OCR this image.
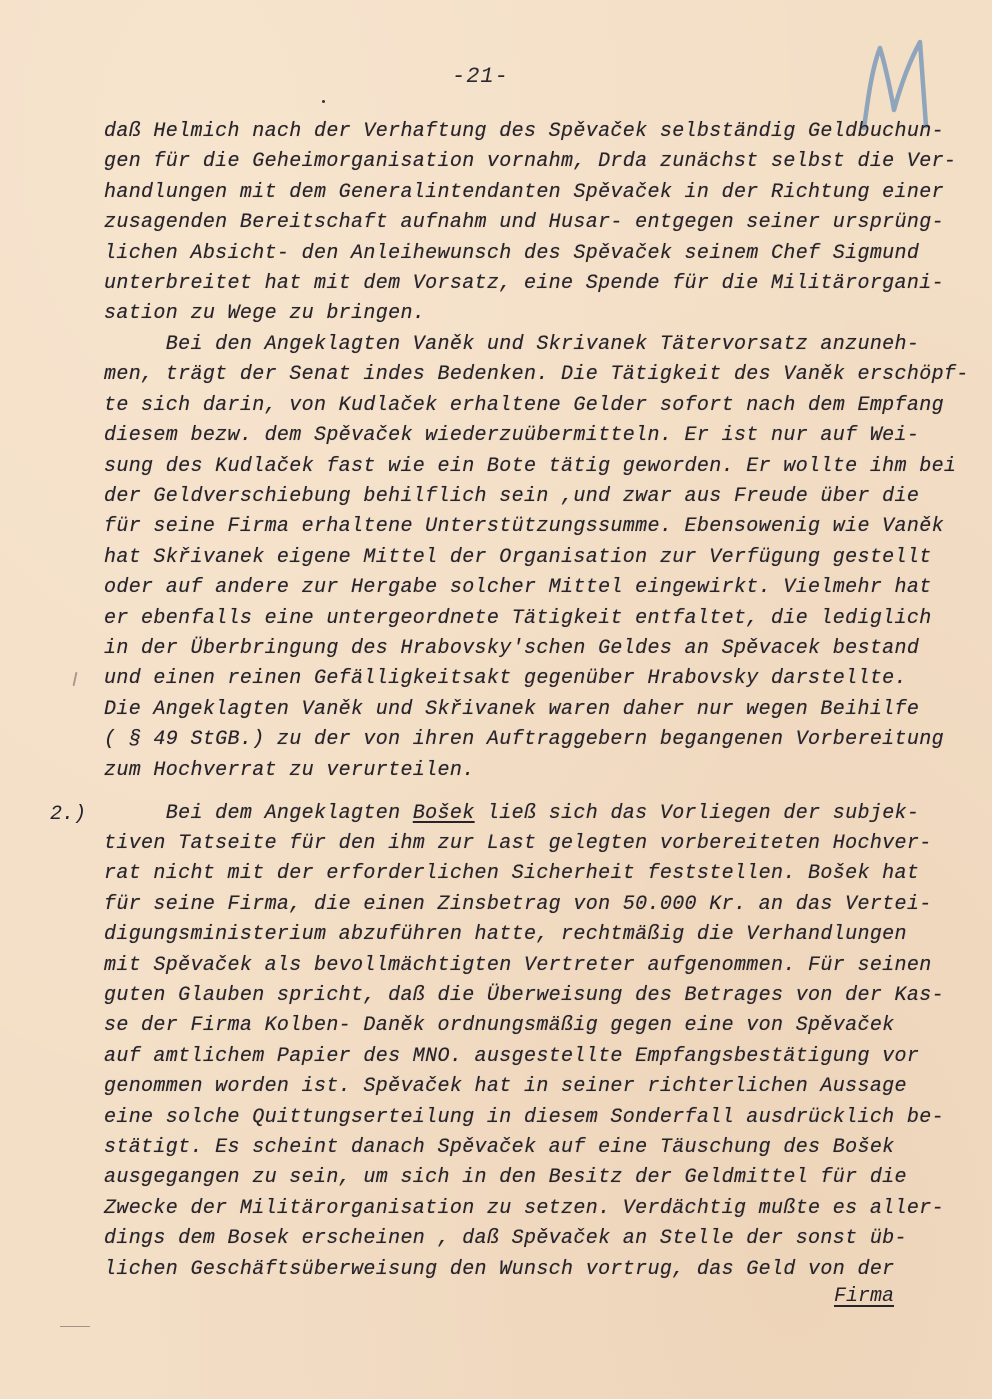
-21-
daß Helmich nach der Verhaftung des Spěvaček selbständig Geldbuchun-
gen für die Geheimorganisation vornahm, Drda zunächst selbst die Ver-
handlungen mit dem Generalintendanten Spěvaček in der Richtung einer
zusagenden Bereitschaft aufnahm und Husar- entgegen seiner ursprüng-
lichen Absicht- den Anleihewunsch des Spěvaček seinem Chef Sigmund
unterbreitet hat mit dem Vorsatz, eine Spende für die Militärorgani-
sation zu Wege zu bringen.
Bei den Angeklagten Vaněk und Skrivanek Tätervorsatz anzuneh-
men, trägt der Senat indes Bedenken. Die Tätigkeit des Vaněk erschöpf-
te sich darin, von Kudlaček erhaltene Gelder sofort nach dem Empfang
diesem bezw. dem Spěvaček wiederzuübermitteln. Er ist nur auf Wei-
sung des Kudlaček fast wie ein Bote tätig geworden. Er wollte ihm bei
der Geldverschiebung behilflich sein ,und zwar aus Freude über die
für seine Firma erhaltene Unterstützungssumme. Ebensowenig wie Vaněk
hat Skřivanek eigene Mittel der Organisation zur Verfügung gestellt
oder auf andere zur Hergabe solcher Mittel eingewirkt. Vielmehr hat
er ebenfalls eine untergeordnete Tätigkeit entfaltet, die lediglich
in der Überbringung des Hrabovsky'schen Geldes an Spěvacek bestand
und einen reinen Gefälligkeitsakt gegenüber Hrabovsky darstellte.
Die Angeklagten Vaněk und Skřivanek waren daher nur wegen Beihilfe
( § 49 StGB.) zu der von ihren Auftraggebern begangenen Vorbereitung
zum Hochverrat zu verurteilen.
2.) Bei dem Angeklagten Bošek ließ sich das Vorliegen der subjek-
tiven Tatseite für den ihm zur Last gelegten vorbereiteten Hochver-
rat nicht mit der erforderlichen Sicherheit feststellen. Bošek hat
für seine Firma, die einen Zinsbetrag von 50.000 Kr. an das Vertei-
digungsministerium abzuführen hatte, rechtmäßig die Verhandlungen
mit Spěvaček als bevollmächtigten Vertreter aufgenommen. Für seinen
guten Glauben spricht, daß die Überweisung des Betrages von der Kas-
se der Firma Kolben- Daněk ordnungsmäßig gegen eine von Spěvaček
auf amtlichem Papier des MNO. ausgestellte Empfangsbestätigung vor
genommen worden ist. Spěvaček hat in seiner richterlichen Aussage
eine solche Quittungserteilung in diesem Sonderfall ausdrücklich be-
stätigt. Es scheint danach Spěvaček auf eine Täuschung des Bošek
ausgegangen zu sein, um sich in den Besitz der Geldmittel für die
Zwecke der Militärorganisation zu setzen. Verdächtig mußte es aller-
dings dem Bosek erscheinen , daß Spěvaček an Stelle der sonst üb-
lichen Geschäftsüberweisung den Wunsch vortrug, das Geld von der
Firma
